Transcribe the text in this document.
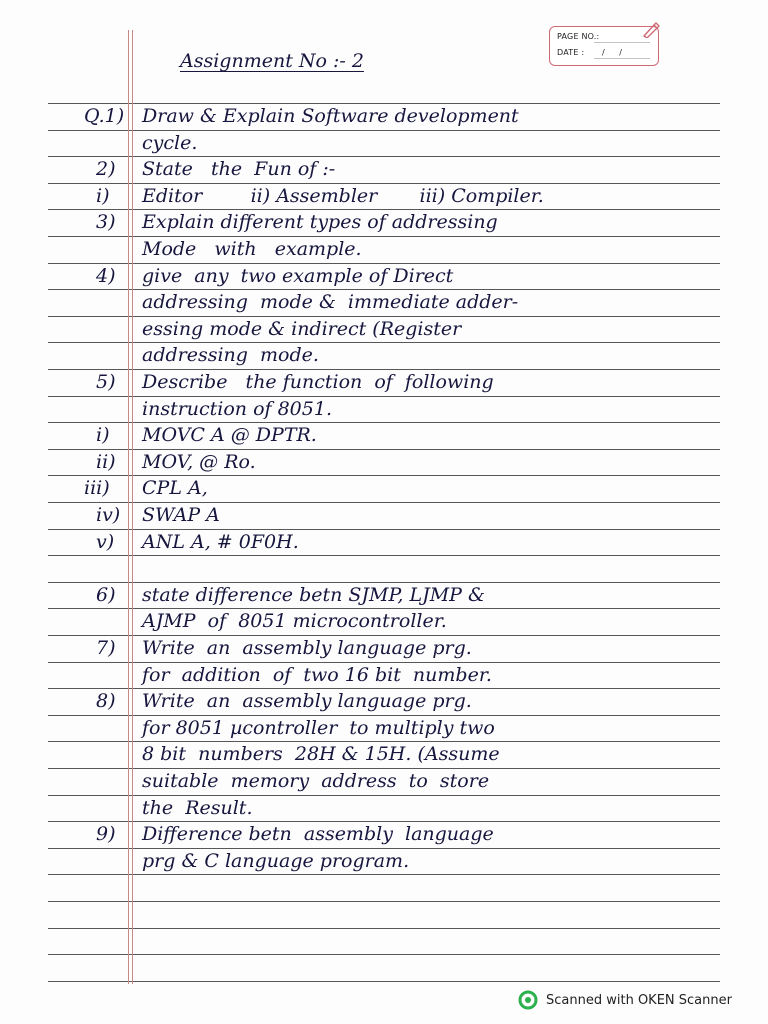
PAGE NO.:
DATE : / /
Assignment No :- 2
Q.1) Draw & Explain Software development
cycle.
2) State   the  Fun of :-
i) Editor        ii) Assembler       iii) Compiler.
3) Explain different types of addressing
Mode   with   example.
4) give  any  two example of Direct
addressing  mode &  immediate adder-
essing mode & indirect (Register
addressing  mode.
5) Describe   the function  of  following
instruction of 8051.
i) MOVC A @ DPTR.
ii) MOV, @ Ro.
iii) CPL A,
iv) SWAP A
v) ANL A, # 0F0H.
6) state difference betn SJMP, LJMP &
AJMP  of  8051 microcontroller.
7) Write  an  assembly language prg.
for  addition  of  two 16 bit  number.
8) Write  an  assembly language prg.
for 8051 µcontroller  to multiply two
8 bit  numbers  28H & 15H. (Assume
suitable  memory  address  to  store
the  Result.
9) Difference betn  assembly  language
prg & C language program.
Scanned with OKEN Scanner
